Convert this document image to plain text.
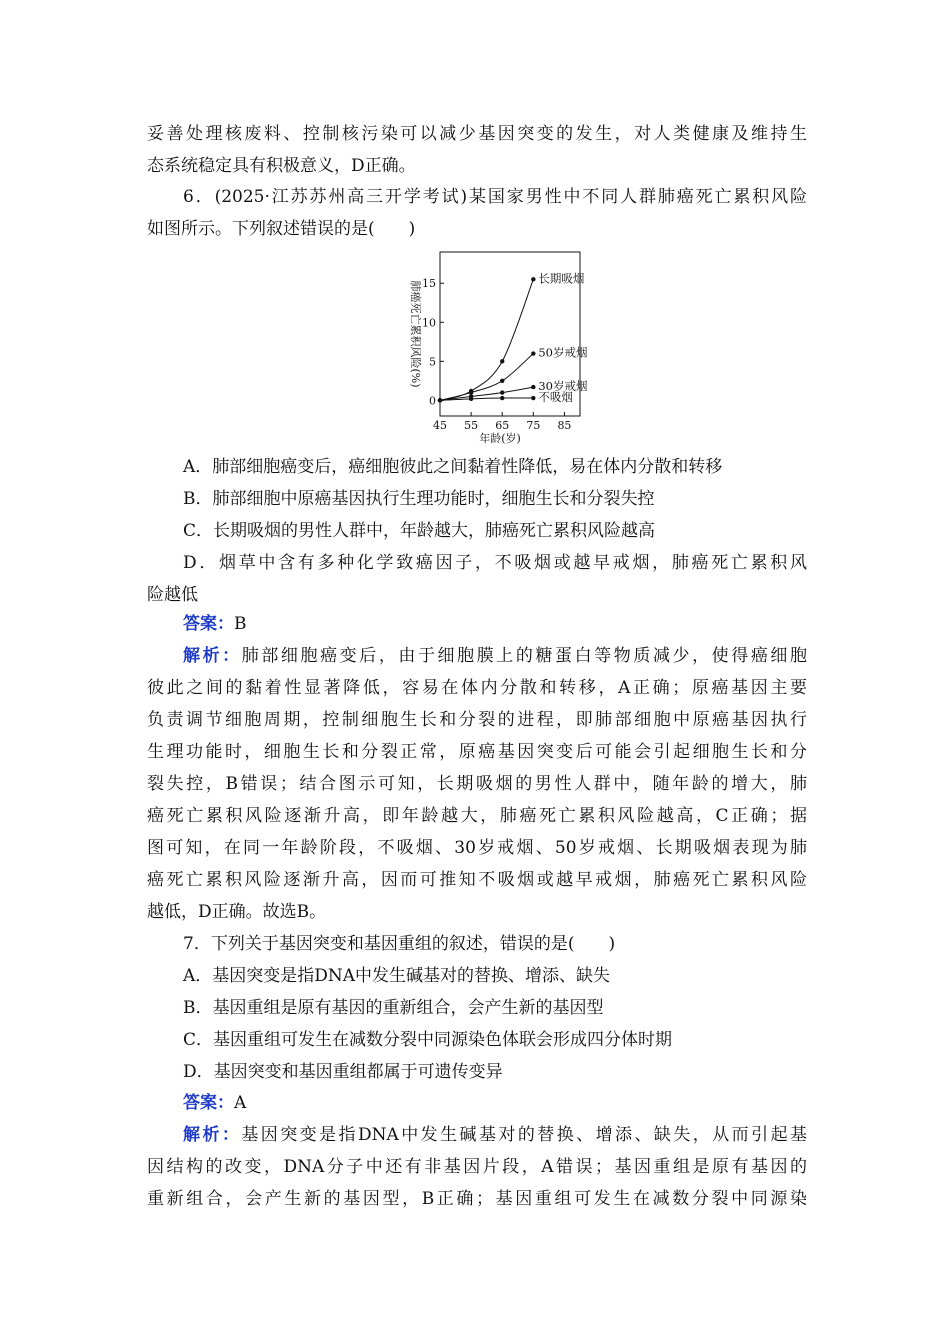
妥善处理核废料、控制核污染可以减少基因突变的发生，对人类健康及维持生
态系统稳定具有积极意义，D正确。
6．(2025·江苏苏州高三开学考试)某国家男性中不同人群肺癌死亡累积风险
如图所示。下列叙述错误的是(　　)
45 55 65 75 85
0
5
10
15
年龄(岁)
肺癌死亡累积风险(%)
长期吸烟
50岁戒烟
30岁戒烟
不吸烟
A．肺部细胞癌变后，癌细胞彼此之间黏着性降低，易在体内分散和转移
B．肺部细胞中原癌基因执行生理功能时，细胞生长和分裂失控
C．长期吸烟的男性人群中，年龄越大，肺癌死亡累积风险越高
D．烟草中含有多种化学致癌因子，不吸烟或越早戒烟，肺癌死亡累积风
险越低
答案：B
解析：肺部细胞癌变后，由于细胞膜上的糖蛋白等物质减少，使得癌细胞
彼此之间的黏着性显著降低，容易在体内分散和转移，A正确；原癌基因主要
负责调节细胞周期，控制细胞生长和分裂的进程，即肺部细胞中原癌基因执行
生理功能时，细胞生长和分裂正常，原癌基因突变后可能会引起细胞生长和分
裂失控，B错误；结合图示可知，长期吸烟的男性人群中，随年龄的增大，肺
癌死亡累积风险逐渐升高，即年龄越大，肺癌死亡累积风险越高，C正确；据
图可知，在同一年龄阶段，不吸烟、30岁戒烟、50岁戒烟、长期吸烟表现为肺
癌死亡累积风险逐渐升高，因而可推知不吸烟或越早戒烟，肺癌死亡累积风险
越低，D正确。故选B。
7．下列关于基因突变和基因重组的叙述，错误的是(　　)
A．基因突变是指DNA中发生碱基对的替换、增添、缺失
B．基因重组是原有基因的重新组合，会产生新的基因型
C．基因重组可发生在减数分裂中同源染色体联会形成四分体时期
D．基因突变和基因重组都属于可遗传变异
答案：A
解析：基因突变是指DNA中发生碱基对的替换、增添、缺失，从而引起基
因结构的改变，DNA分子中还有非基因片段，A错误；基因重组是原有基因的
重新组合，会产生新的基因型，B正确；基因重组可发生在减数分裂中同源染
